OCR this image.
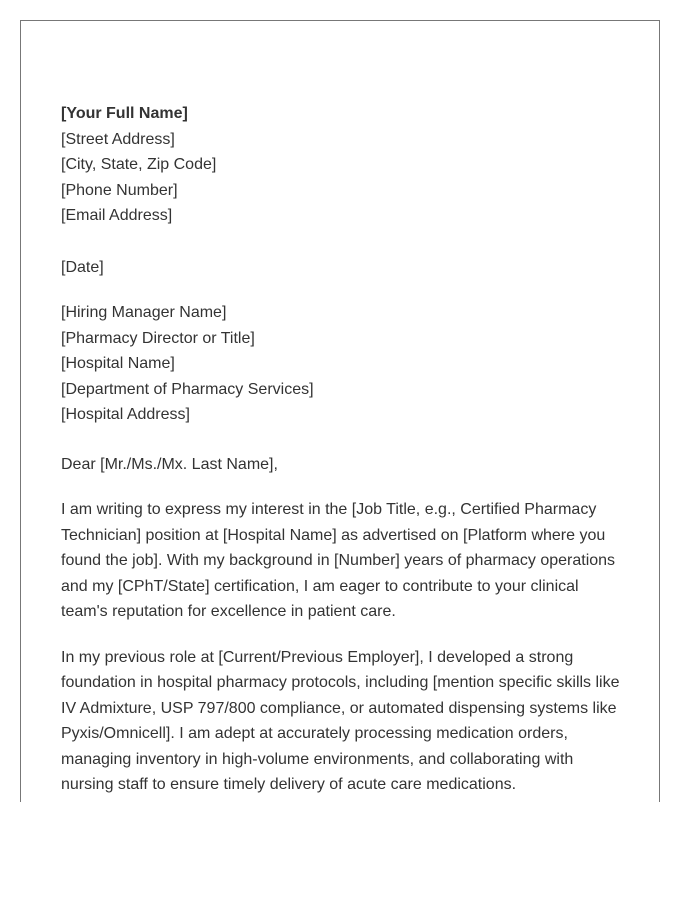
[Your Full Name]
[Street Address]
[City, State, Zip Code]
[Phone Number]
[Email Address]
[Date]
[Hiring Manager Name]
[Pharmacy Director or Title]
[Hospital Name]
[Department of Pharmacy Services]
[Hospital Address]
Dear [Mr./Ms./Mx. Last Name],

I am writing to express my interest in the [Job Title, e.g., Certified Pharmacy Technician] position at [Hospital Name] as advertised on [Platform where you found the job]. With my background in [Number] years of pharmacy operations and my [CPhT/State] certification, I am eager to contribute to your clinical team's reputation for excellence in patient care.

In my previous role at [Current/Previous Employer], I developed a strong foundation in hospital pharmacy protocols, including [mention specific skills like IV Admixture, USP 797/800 compliance, or automated dispensing systems like Pyxis/Omnicell]. I am adept at accurately processing medication orders, managing inventory in high-volume environments, and collaborating with nursing staff to ensure timely delivery of acute care medications.
